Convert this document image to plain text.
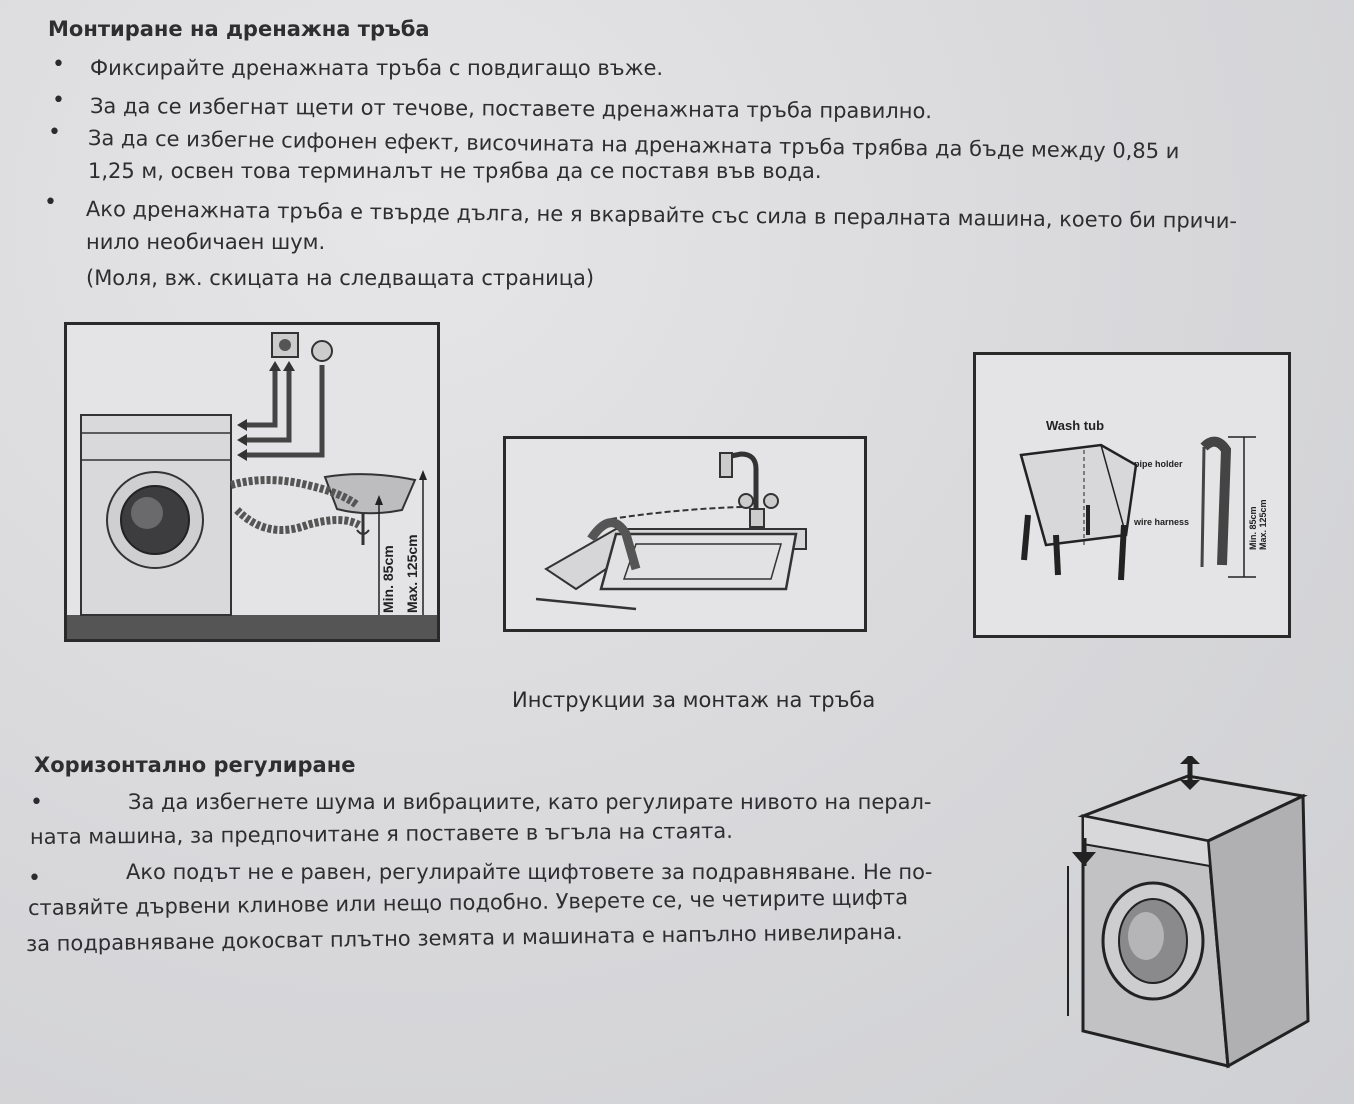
Монтиране на дренажна тръба
• Фиксирайте дренажната тръба с повдигащо въже.
• За да се избегнат щети от течове, поставете дренажната тръба правилно.
• За да се избегне сифонен ефект, височината на дренажната тръба трябва да бъде между 0,85 и
1,25 м, освен това терминалът не трябва да се поставя във вода.
• Ако дренажната тръба е твърде дълга, не я вкарвайте със сила в пералната машина, което би причи-
нило необичаен шум.
(Моля, вж. скицата на следващата страница)
Min. 85cm Max. 125cm
Wash tub
pipe holder
wire harness	Min. 85cm Max. 125cm
Инструкции за монтаж на тръба
Хоризонтално регулиране
•	За да избегнете шума и вибрациите, като регулирате нивото на перал-
ната машина, за предпочитане я поставете в ъгъла на стаята.
•	Ако подът не е равен, регулирайте щифтовете за подравняване. Не по-
ставяйте дървени клинове или нещо подобно. Уверете се, че четирите щифта
за подравняване докосват плътно земята и машината е напълно нивелирана.
